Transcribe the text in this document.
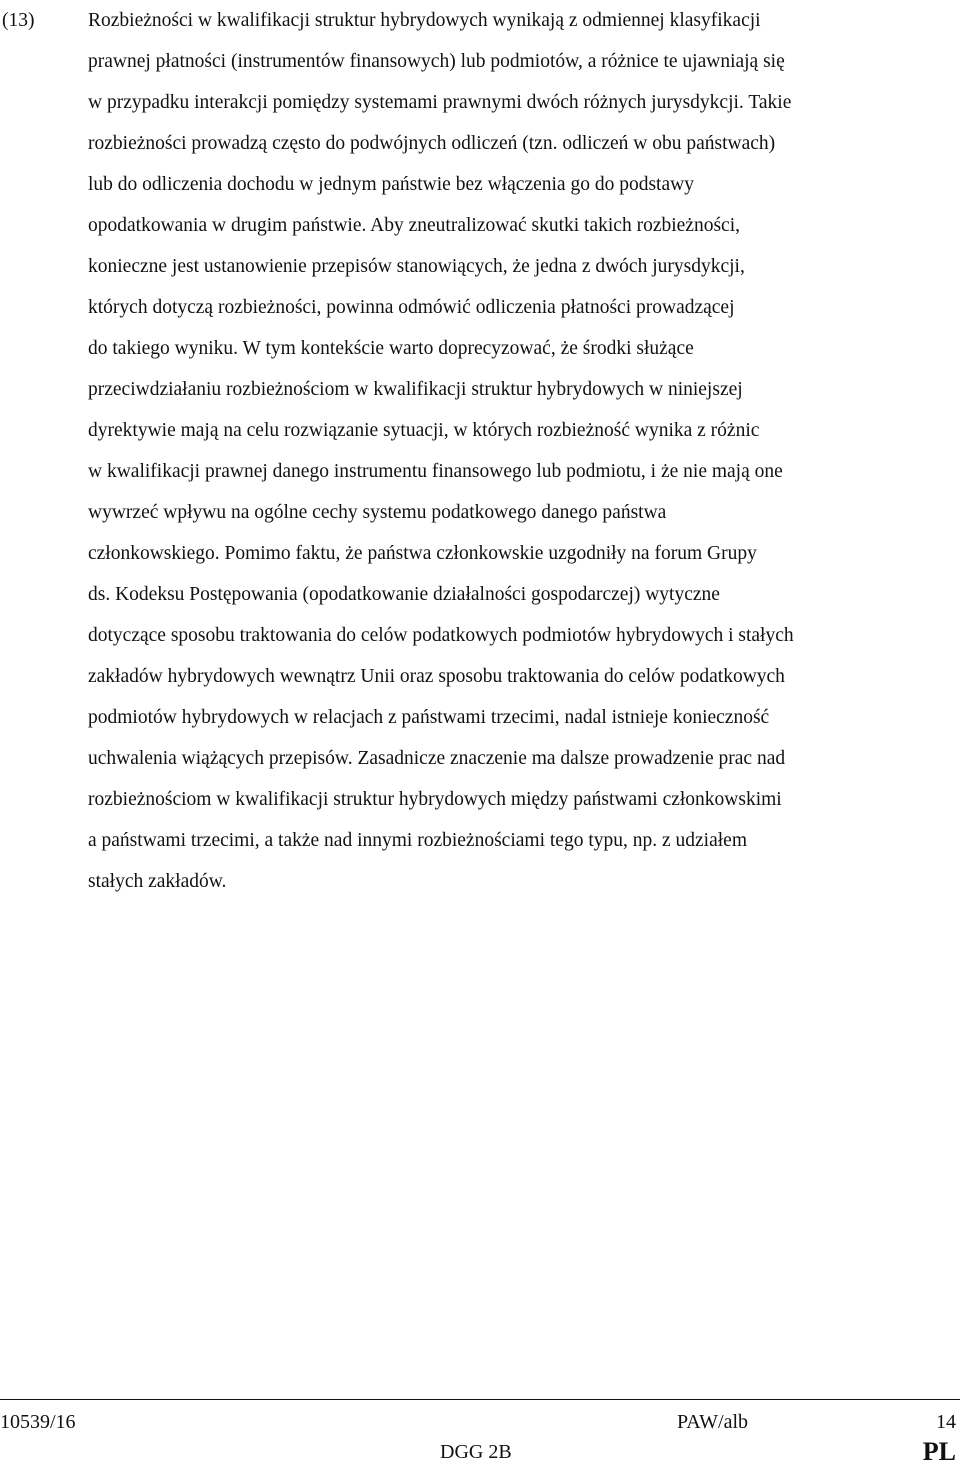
(13)	Rozbieżności w kwalifikacji struktur hybrydowych wynikają z odmiennej klasyfikacji
prawnej płatności (instrumentów finansowych) lub podmiotów, a różnice te ujawniają się
w przypadku interakcji pomiędzy systemami prawnymi dwóch różnych jurysdykcji. Takie
rozbieżności prowadzą często do podwójnych odliczeń (tzn. odliczeń w obu państwach)
lub do odliczenia dochodu w jednym państwie bez włączenia go do podstawy
opodatkowania w drugim państwie. Aby zneutralizować skutki takich rozbieżności,
konieczne jest ustanowienie przepisów stanowiących, że jedna z dwóch jurysdykcji,
których dotyczą rozbieżności, powinna odmówić odliczenia płatności prowadzącej
do takiego wyniku. W tym kontekście warto doprecyzować, że środki służące
przeciwdziałaniu rozbieżnościom w kwalifikacji struktur hybrydowych w niniejszej
dyrektywie mają na celu rozwiązanie sytuacji, w których rozbieżność wynika z różnic
w kwalifikacji prawnej danego instrumentu finansowego lub podmiotu, i że nie mają one
wywrzeć wpływu na ogólne cechy systemu podatkowego danego państwa
członkowskiego. Pomimo faktu, że państwa członkowskie uzgodniły na forum Grupy
ds. Kodeksu Postępowania (opodatkowanie działalności gospodarczej) wytyczne
dotyczące sposobu traktowania do celów podatkowych podmiotów hybrydowych i stałych
zakładów hybrydowych wewnątrz Unii oraz sposobu traktowania do celów podatkowych
podmiotów hybrydowych w relacjach z państwami trzecimi, nadal istnieje konieczność
uchwalenia wiążących przepisów. Zasadnicze znaczenie ma dalsze prowadzenie prac nad
rozbieżnościom w kwalifikacji struktur hybrydowych między państwami członkowskimi
a państwami trzecimi, a także nad innymi rozbieżnościami tego typu, np. z udziałem
stałych zakładów.
10539/16	PAW/alb	14
DGG 2B	PL
